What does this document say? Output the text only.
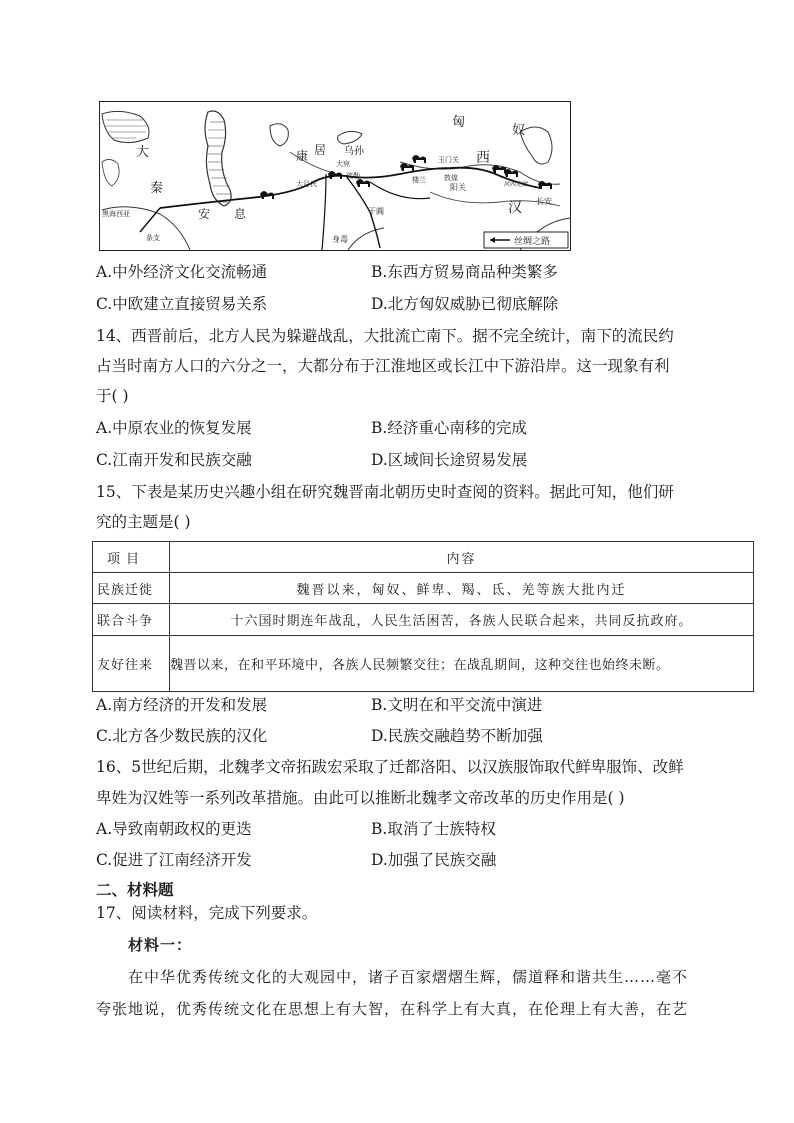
匈
奴
大
秦
康 居 乌孙	西
汉
安 息
玉门关
敦煌
阳关
长安
大月氏
于阗
身毒
黑海西亚
条支
大宛
疏勒	楼兰
河西走廊
丝绸之路
A.中外经济文化交流畅通	B.东西方贸易商品种类繁多
C.中欧建立直接贸易关系	D.北方匈奴威胁已彻底解除
14、西晋前后，北方人民为躲避战乱，大批流亡南下。据不完全统计，南下的流民约
占当时南方人口的六分之一，大都分布于江淮地区或长江中下游沿岸。这一现象有利
于( )
A.中原农业的恢复发展	B.经济重心南移的完成
C.江南开发和民族交融	D.区域间长途贸易发展
15、下表是某历史兴趣小组在研究魏晋南北朝历史时查阅的资料。据此可知，他们研
究的主题是( )
项目	内容
民族迁徙	魏晋以来，匈奴、鲜卑、羯、氐、羌等族大批内迁
联合斗争	十六国时期连年战乱，人民生活困苦，各族人民联合起来，共同反抗政府。
友好往来	魏晋以来，在和平环境中，各族人民频繁交往；在战乱期间，这种交往也始终未断。
A.南方经济的开发和发展	B.文明在和平交流中演进
C.北方各少数民族的汉化	D.民族交融趋势不断加强
16、5世纪后期，北魏孝文帝拓跋宏采取了迁都洛阳、以汉族服饰取代鲜卑服饰、改鲜
卑姓为汉姓等一系列改革措施。由此可以推断北魏孝文帝改革的历史作用是( )
A.导致南朝政权的更迭	B.取消了士族特权
C.促进了江南经济开发	D.加强了民族交融
二、材料题
17、阅读材料，完成下列要求。
材料一：
在中华优秀传统文化的大观园中，诸子百家熠熠生辉，儒道释和谐共生……毫不
夸张地说，优秀传统文化在思想上有大智，在科学上有大真，在伦理上有大善，在艺
